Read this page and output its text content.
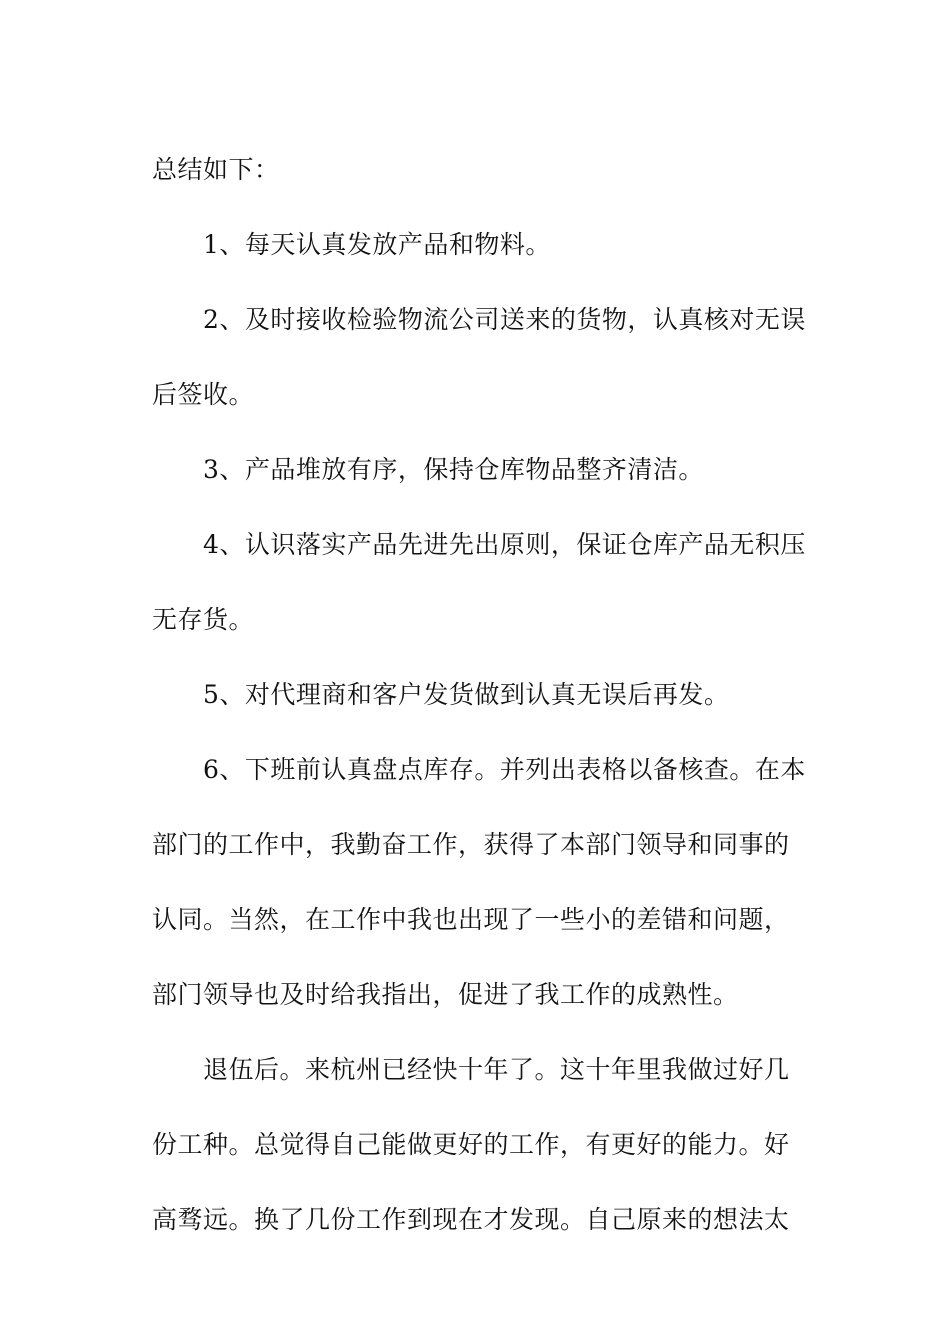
总结如下：
1、每天认真发放产品和物料。
2、及时接收检验物流公司送来的货物，认真核对无误
后签收。
3、产品堆放有序，保持仓库物品整齐清洁。
4、认识落实产品先进先出原则，保证仓库产品无积压
无存货。
5、对代理商和客户发货做到认真无误后再发。
6、下班前认真盘点库存。并列出表格以备核查。在本
部门的工作中，我勤奋工作，获得了本部门领导和同事的
认同。当然，在工作中我也出现了一些小的差错和问题，
部门领导也及时给我指出，促进了我工作的成熟性。
退伍后。来杭州已经快十年了。这十年里我做过好几
份工种。总觉得自己能做更好的工作，有更好的能力。好
高骛远。换了几份工作到现在才发现。自己原来的想法太
